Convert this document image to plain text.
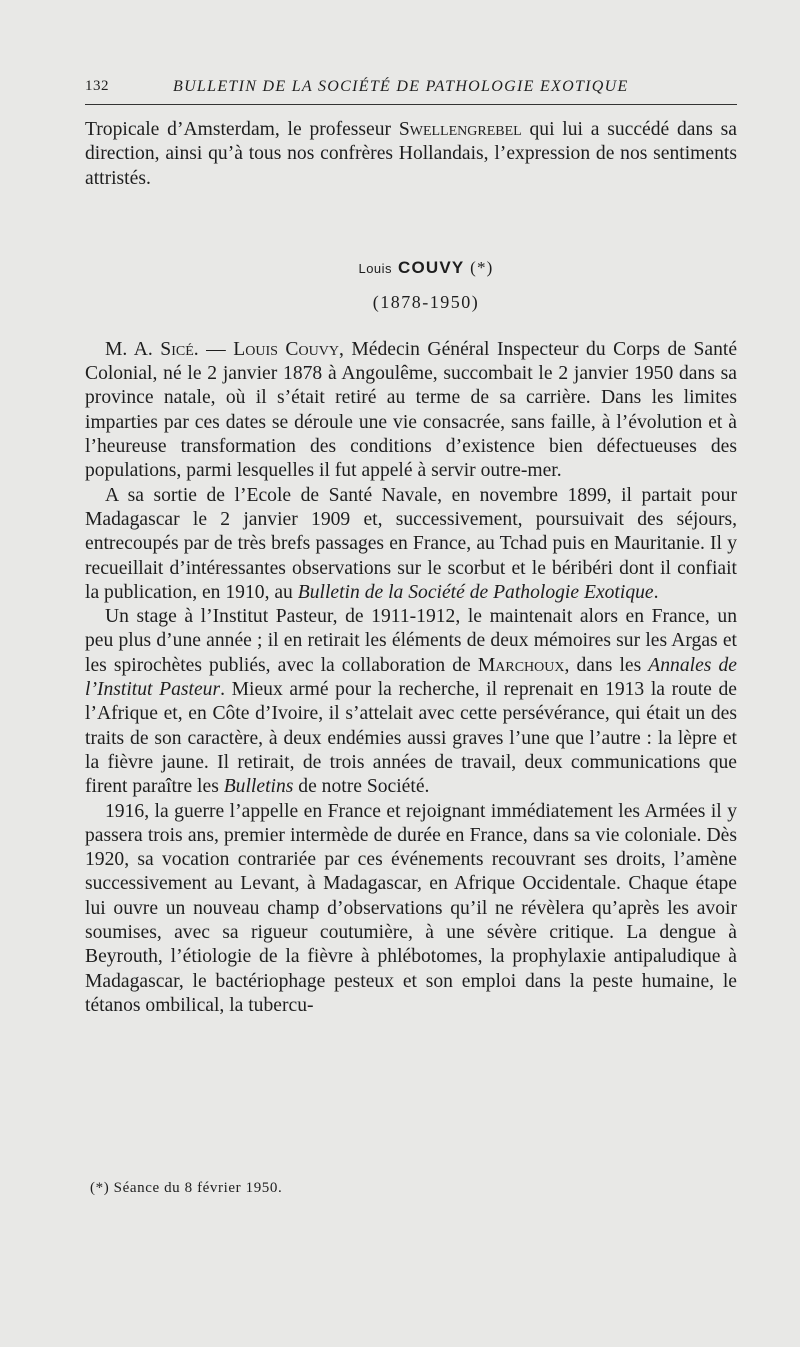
132	BULLETIN DE LA SOCIÉTÉ DE PATHOLOGIE EXOTIQUE

Tropicale d’Amsterdam, le professeur Swellengrebel qui lui a succédé dans sa direction, ainsi qu’à tous nos confrères Hollandais, l’expression de nos sentiments attristés.

Louis COUVY (*)
(1878-1950)

M. A. Sicé. — Louis Couvy, Médecin Général Inspecteur du Corps de Santé Colonial, né le 2 janvier 1878 à Angoulême, succombait le 2 janvier 1950 dans sa province natale, où il s’était retiré au terme de sa carrière. Dans les limites imparties par ces dates se déroule une vie consacrée, sans faille, à l’évolution et à l’heureuse transformation des conditions d’existence bien défectueuses des populations, parmi lesquelles il fut appelé à servir outre-mer.

A sa sortie de l’Ecole de Santé Navale, en novembre 1899, il partait pour Madagascar le 2 janvier 1909 et, successivement, poursuivait des séjours, entrecoupés par de très brefs passages en France, au Tchad puis en Mauritanie. Il y recueillait d’intéressantes observations sur le scorbut et le béribéri dont il confiait la publication, en 1910, au Bulletin de la Société de Pathologie Exotique.

Un stage à l’Institut Pasteur, de 1911-1912, le maintenait alors en France, un peu plus d’une année ; il en retirait les éléments de deux mémoires sur les Argas et les spirochètes publiés, avec la collaboration de Marchoux, dans les Annales de l’Institut Pasteur. Mieux armé pour la recherche, il reprenait en 1913 la route de l’Afrique et, en Côte d’Ivoire, il s’attelait avec cette persévérance, qui était un des traits de son caractère, à deux endémies aussi graves l’une que l’autre : la lèpre et la fièvre jaune. Il retirait, de trois années de travail, deux communications que firent paraître les Bulletins de notre Société.

1916, la guerre l’appelle en France et rejoignant immédiatement les Armées il y passera trois ans, premier intermède de durée en France, dans sa vie coloniale. Dès 1920, sa vocation contrariée par ces événements recouvrant ses droits, l’amène successivement au Levant, à Madagascar, en Afrique Occidentale. Chaque étape lui ouvre un nouveau champ d’observations qu’il ne révèlera qu’après les avoir soumises, avec sa rigueur coutumière, à une sévère critique. La dengue à Beyrouth, l’étiologie de la fièvre à phlébotomes, la prophylaxie antipaludique à Madagascar, le bactériophage pesteux et son emploi dans la peste humaine, le tétanos ombilical, la tubercu-

(*) Séance du 8 février 1950.
